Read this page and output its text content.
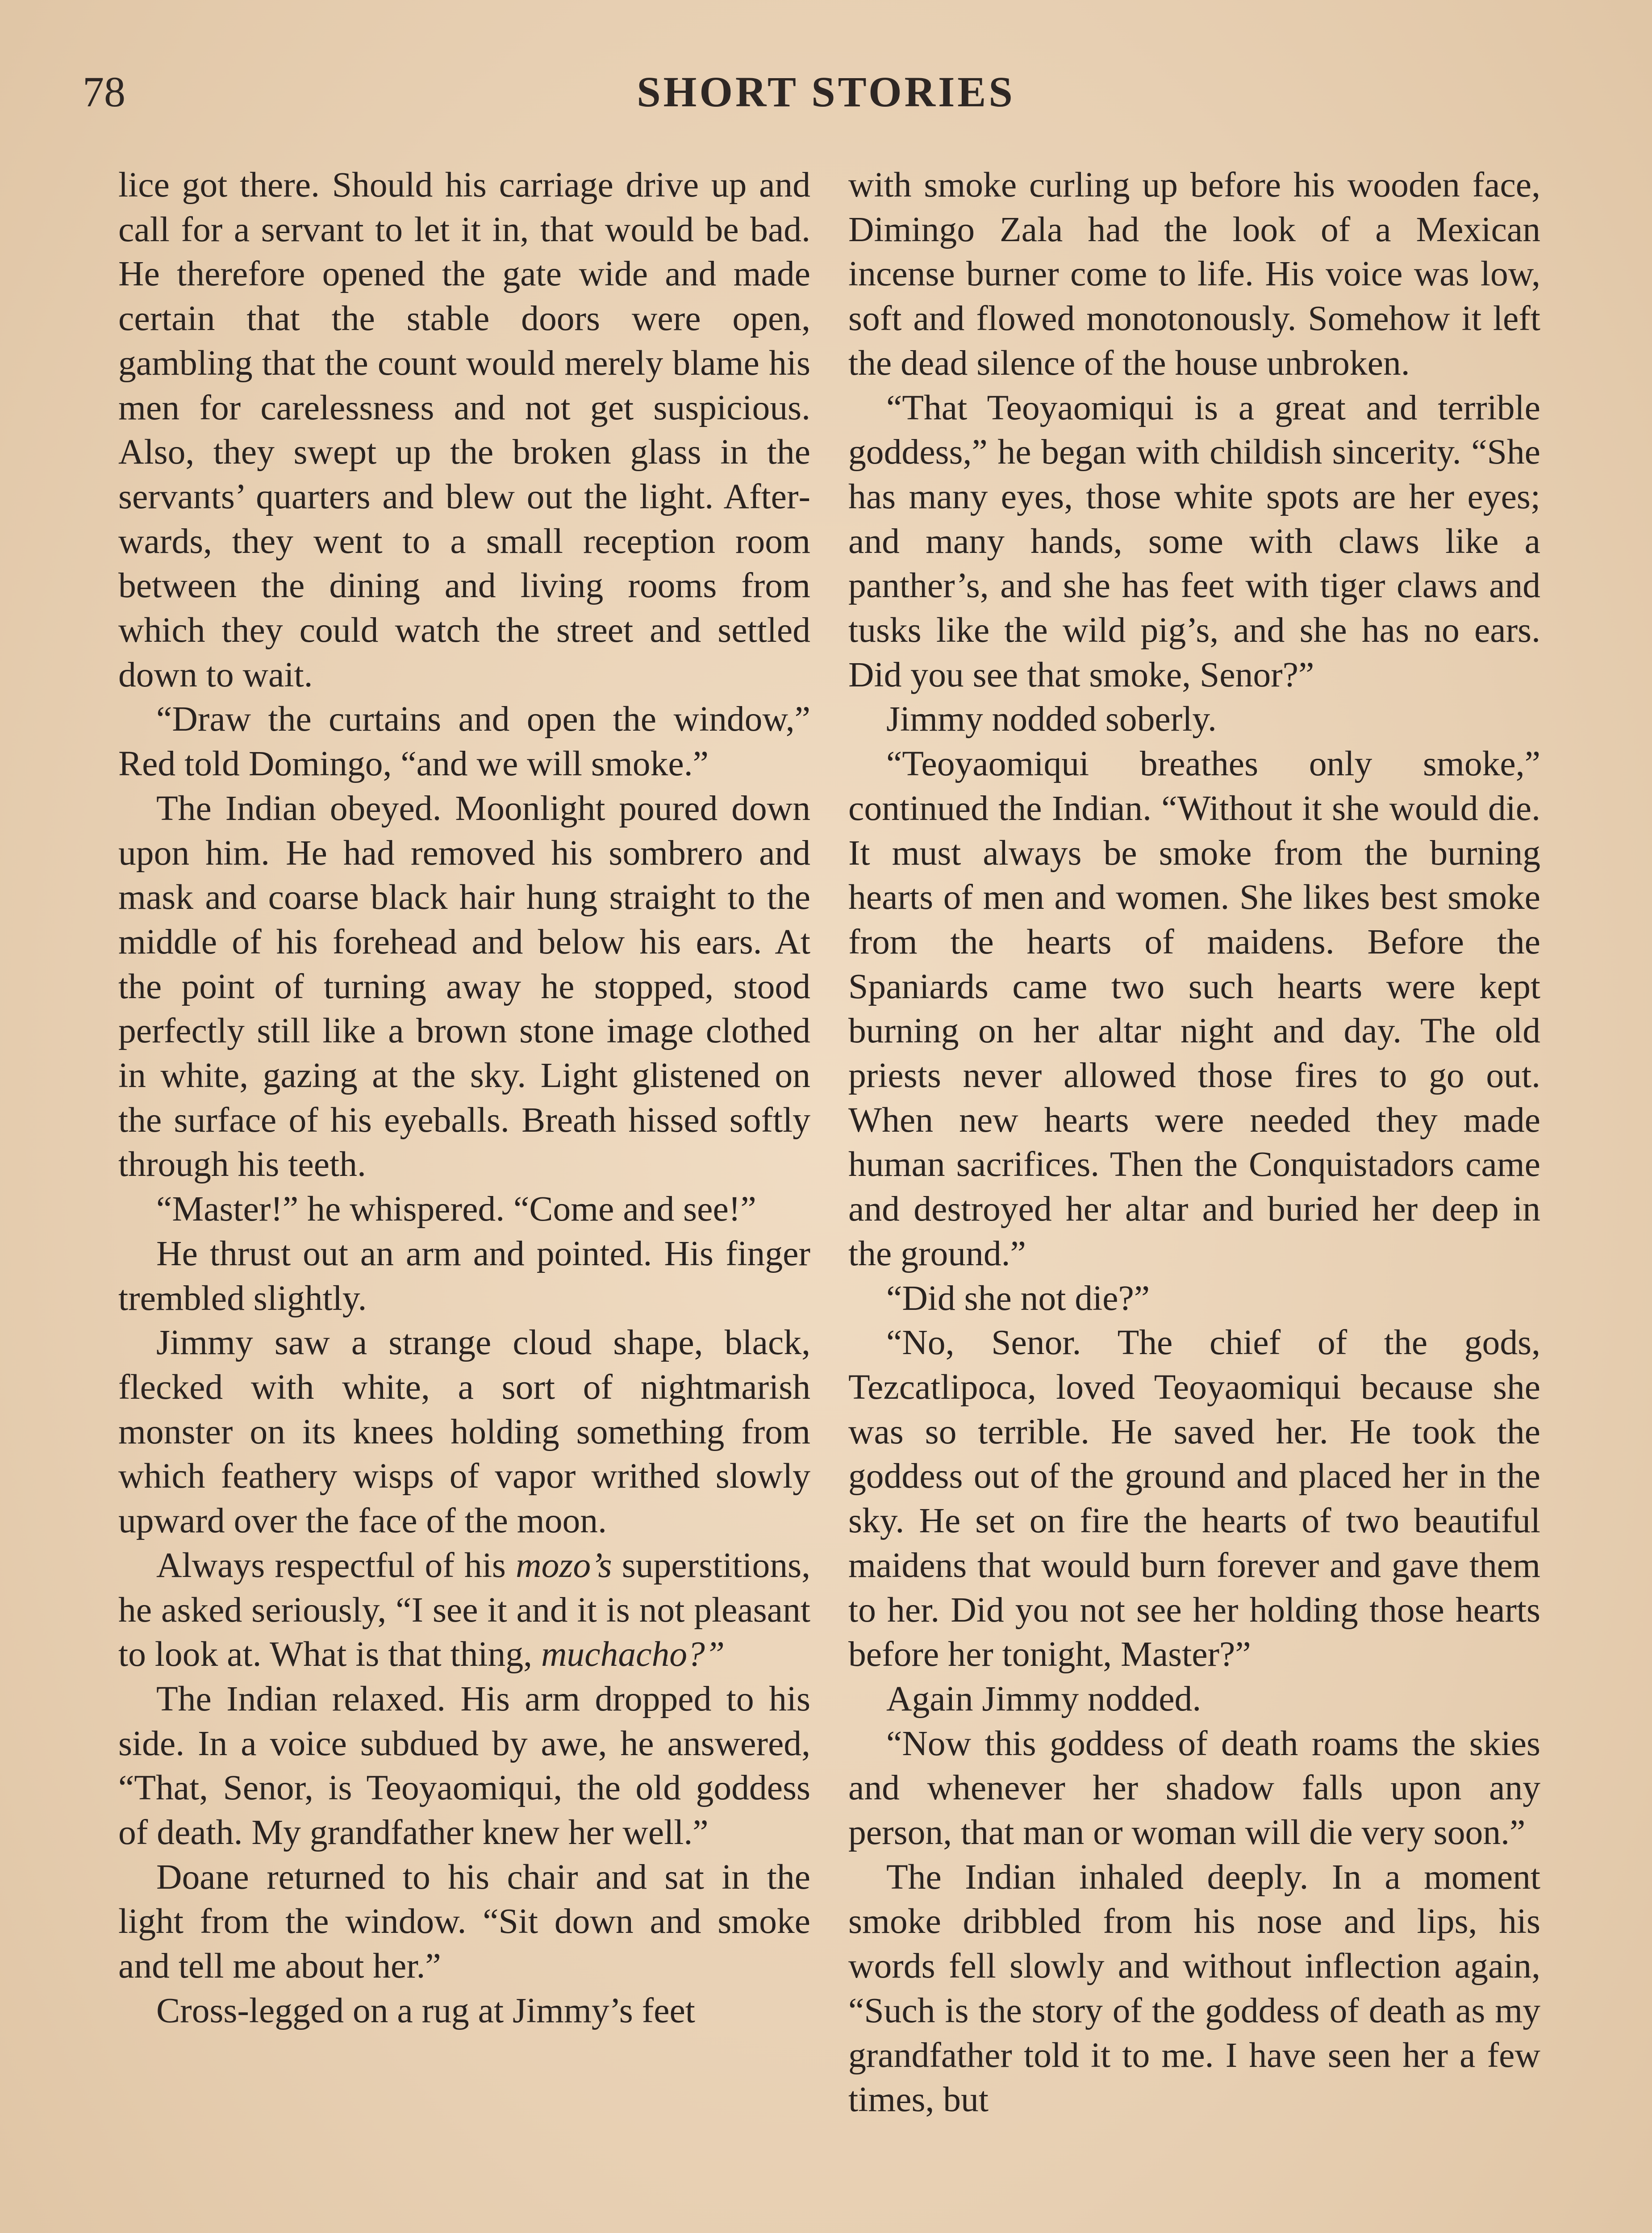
78	SHORT STORIES

lice got there. Should his carriage drive up and call for a servant to let it in, that would be bad. He therefore opened the gate wide and made certain that the stable doors were open, gambling that the count would merely blame his men for carelessness and not get suspicious. Also, they swept up the broken glass in the servants’ quarters and blew out the light. Afterwards, they went to a small reception room between the dining and living rooms from which they could watch the street and settled down to wait.

“Draw the curtains and open the window,” Red told Domingo, “and we will smoke.”

The Indian obeyed. Moonlight poured down upon him. He had removed his sombrero and mask and coarse black hair hung straight to the middle of his forehead and below his ears. At the point of turning away he stopped, stood perfectly still like a brown stone image clothed in white, gazing at the sky. Light glistened on the surface of his eyeballs. Breath hissed softly through his teeth.

“Master!” he whispered. “Come and see!”

He thrust out an arm and pointed. His finger trembled slightly.

Jimmy saw a strange cloud shape, black, flecked with white, a sort of nightmarish monster on its knees holding something from which feathery wisps of vapor writhed slowly upward over the face of the moon.

Always respectful of his mozo’s superstitions, he asked seriously, “I see it and it is not pleasant to look at. What is that thing, muchacho?”

The Indian relaxed. His arm dropped to his side. In a voice subdued by awe, he answered, “That, Senor, is Teoyaomiqui, the old goddess of death. My grandfather knew her well.”

Doane returned to his chair and sat in the light from the window. “Sit down and smoke and tell me about her.”

Cross-legged on a rug at Jimmy’s feet

with smoke curling up before his wooden face, Dimingo Zala had the look of a Mexican incense burner come to life. His voice was low, soft and flowed monotonously. Somehow it left the dead silence of the house unbroken.

“That Teoyaomiqui is a great and terrible goddess,” he began with childish sincerity. “She has many eyes, those white spots are her eyes; and many hands, some with claws like a panther’s, and she has feet with tiger claws and tusks like the wild pig’s, and she has no ears. Did you see that smoke, Senor?”

Jimmy nodded soberly.

“Teoyaomiqui breathes only smoke,” continued the Indian. “Without it she would die. It must always be smoke from the burning hearts of men and women. She likes best smoke from the hearts of maidens. Before the Spaniards came two such hearts were kept burning on her altar night and day. The old priests never allowed those fires to go out. When new hearts were needed they made human sacrifices. Then the Conquistadors came and destroyed her altar and buried her deep in the ground.”

“Did she not die?”

“No, Senor. The chief of the gods, Tezcatlipoca, loved Teoyaomiqui because she was so terrible. He saved her. He took the goddess out of the ground and placed her in the sky. He set on fire the hearts of two beautiful maidens that would burn forever and gave them to her. Did you not see her holding those hearts before her tonight, Master?”

Again Jimmy nodded.

“Now this goddess of death roams the skies and whenever her shadow falls upon any person, that man or woman will die very soon.”

The Indian inhaled deeply. In a moment smoke dribbled from his nose and lips, his words fell slowly and without inflection again, “Such is the story of the goddess of death as my grandfather told it to me. I have seen her a few times, but
